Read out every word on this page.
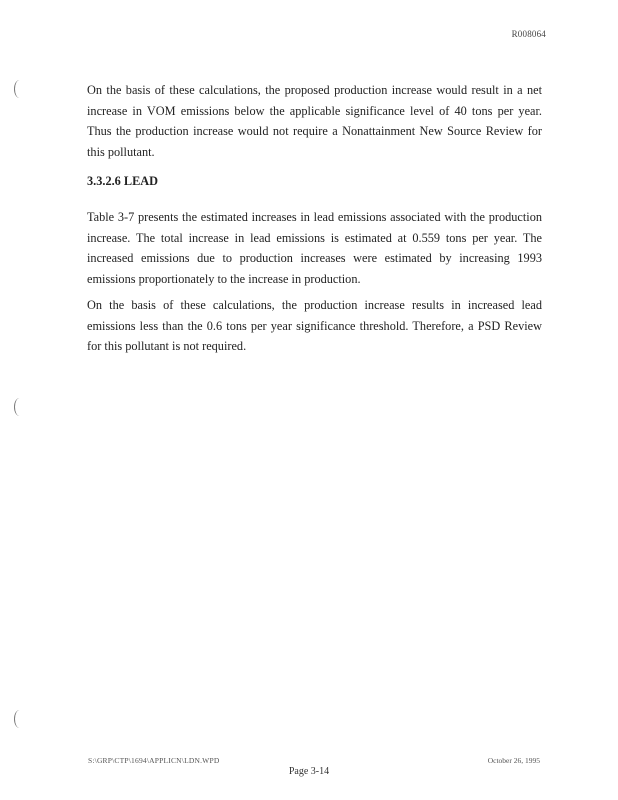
R008064

On the basis of these calculations, the proposed production increase would result in a net increase in VOM emissions below the applicable significance level of 40 tons per year. Thus the production increase would not require a Nonattainment New Source Review for this pollutant.

3.3.2.6 LEAD

Table 3-7 presents the estimated increases in lead emissions associated with the production increase. The total increase in lead emissions is estimated at 0.559 tons per year. The increased emissions due to production increases were estimated by increasing 1993 emissions proportionately to the increase in production.

On the basis of these calculations, the production increase results in increased lead emissions less than the 0.6 tons per year significance threshold. Therefore, a PSD Review for this pollutant is not required.

S:\GRP\CTP\1694\APPLICN\LDN.WPD	October 26, 1995
Page 3-14
